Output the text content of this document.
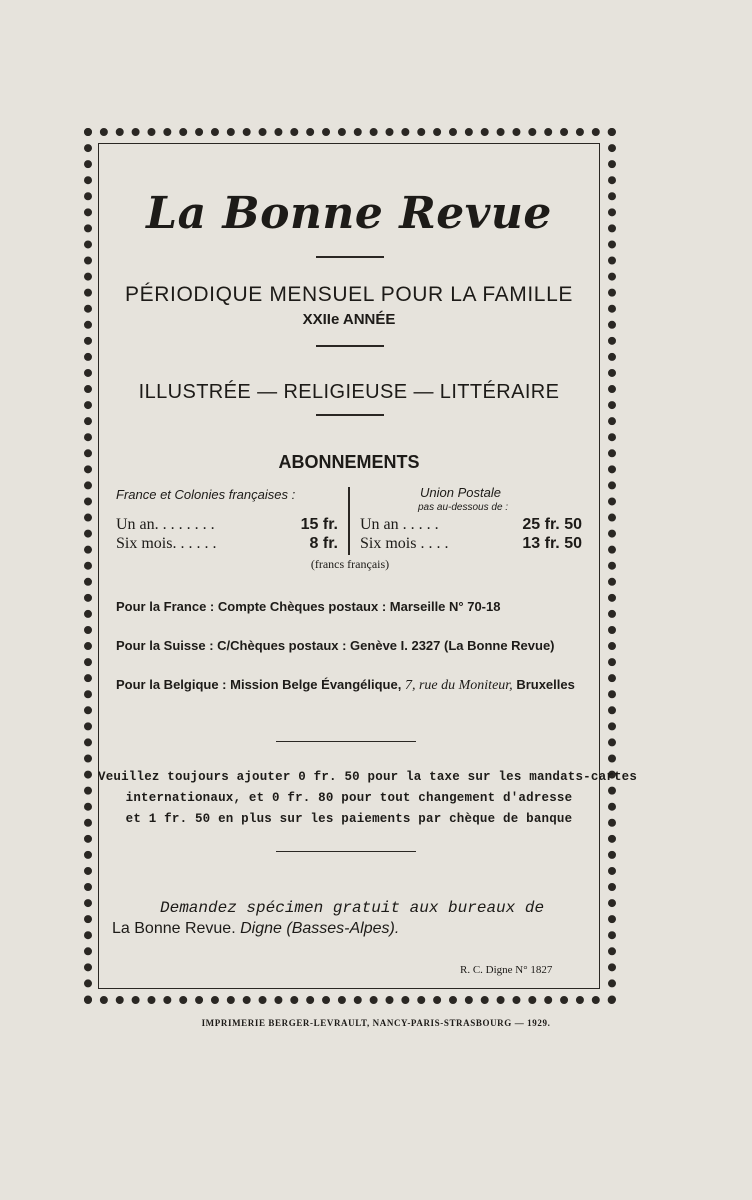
La Bonne Revue
PÉRIODIQUE MENSUEL POUR LA FAMILLE
XXIIe ANNÉE
ILLUSTRÉE — RELIGIEUSE — LITTÉRAIRE
ABONNEMENTS
France et Colonies françaises :
Un an. . . . . . . .	15 fr.
Six mois. . . . . .	8 fr.
Union Postale
pas au-dessous de :
Un an . . . . .	25 fr. 50
Six mois . . . .	13 fr. 50
(francs français)
Pour la France : Compte Chèques postaux : Marseille N° 70-18
Pour la Suisse : C/Chèques postaux : Genève I. 2327 (La Bonne Revue)
Pour la Belgique : Mission Belge Évangélique, 7, rue du Moniteur, Bruxelles
Veuillez toujours ajouter 0 fr. 50 pour la taxe sur les mandats-cartes
internationaux, et 0 fr. 80 pour tout changement d'adresse
et 1 fr. 50 en plus sur les paiements par chèque de banque
Demandez spécimen gratuit aux bureaux de
La Bonne Revue. Digne (Basses-Alpes).
R. C. Digne N° 1827
IMPRIMERIE BERGER-LEVRAULT, NANCY-PARIS-STRASBOURG — 1929.
